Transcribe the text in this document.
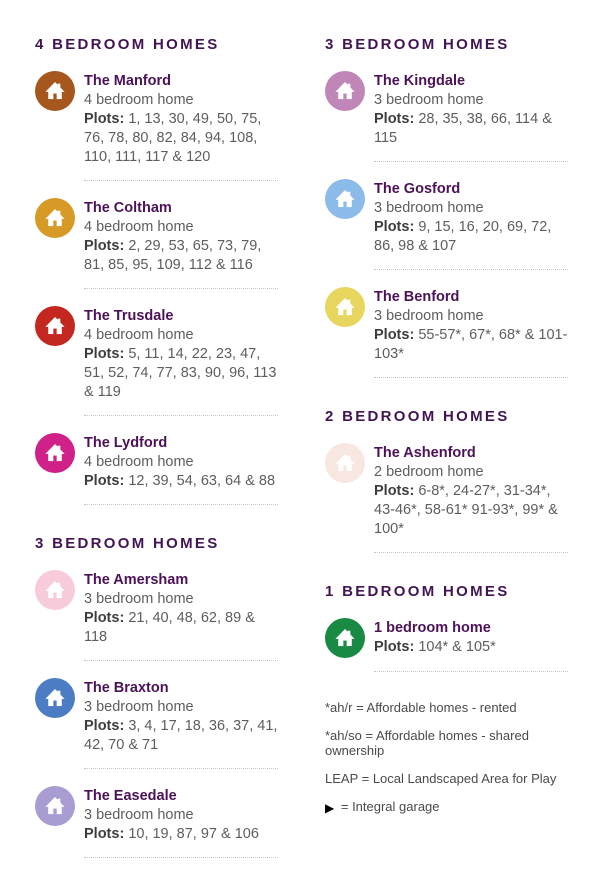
4 BEDROOM HOMES
The Manford
4 bedroom home
Plots: 1, 13, 30, 49, 50, 75, 76, 78, 80, 82, 84, 94, 108, 110, 111, 117 & 120
The Coltham
4 bedroom home
Plots: 2, 29, 53, 65, 73, 79, 81, 85, 95, 109, 112 & 116
The Trusdale
4 bedroom home
Plots: 5, 11, 14, 22, 23, 47, 51, 52, 74, 77, 83, 90, 96, 113 & 119
The Lydford
4 bedroom home
Plots: 12, 39, 54, 63, 64 & 88
3 BEDROOM HOMES
The Amersham
3 bedroom home
Plots: 21, 40, 48, 62, 89 & 118
The Braxton
3 bedroom home
Plots: 3, 4, 17, 18, 36, 37, 41, 42, 70 & 71
The Easedale
3 bedroom home
Plots: 10, 19, 87, 97 & 106
3 BEDROOM HOMES
The Kingdale
3 bedroom home
Plots: 28, 35, 38, 66, 114 & 115
The Gosford
3 bedroom home
Plots: 9, 15, 16, 20, 69, 72, 86, 98 & 107
The Benford
3 bedroom home
Plots: 55-57*, 67*, 68* & 101-103*
2 BEDROOM HOMES
The Ashenford
2 bedroom home
Plots: 6-8*, 24-27*, 31-34*, 43-46*, 58-61* 91-93*, 99* & 100*
1 BEDROOM HOMES
1 bedroom home
Plots: 104* & 105*
*ah/r = Affordable homes - rented
*ah/so = Affordable homes - shared ownership
LEAP = Local Landscaped Area for Play
▶ = Integral garage
